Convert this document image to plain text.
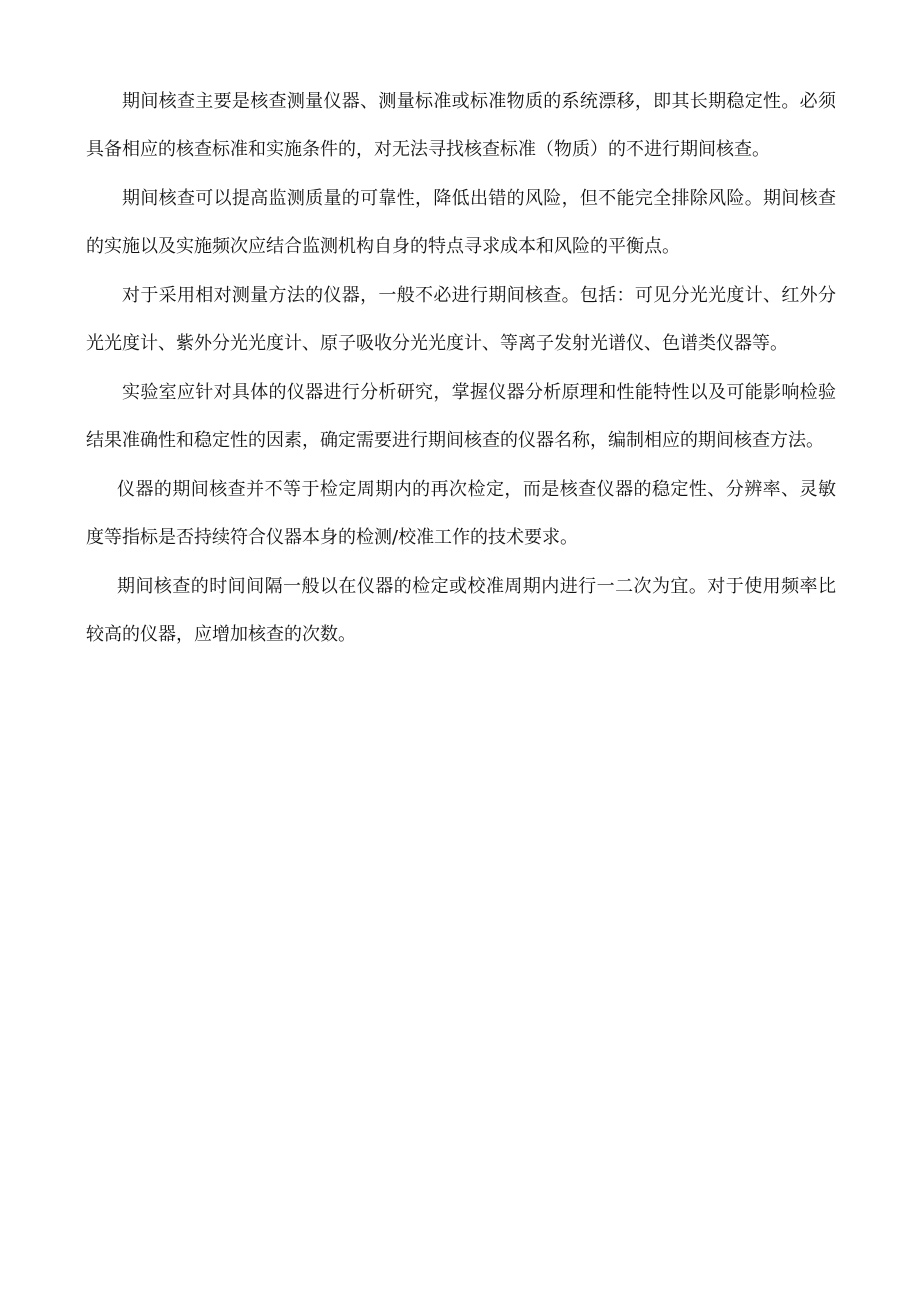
期间核查主要是核查测量仪器、测量标准或标准物质的系统漂移，即其长期稳定性。必须具备相应的核查标准和实施条件的，对无法寻找核查标准（物质）的不进行期间核查。

期间核查可以提高监测质量的可靠性，降低出错的风险，但不能完全排除风险。期间核查的实施以及实施频次应结合监测机构自身的特点寻求成本和风险的平衡点。

对于采用相对测量方法的仪器，一般不必进行期间核查。包括：可见分光光度计、红外分光光度计、紫外分光光度计、原子吸收分光光度计、等离子发射光谱仪、色谱类仪器等。

实验室应针对具体的仪器进行分析研究，掌握仪器分析原理和性能特性以及可能影响检验结果准确性和稳定性的因素，确定需要进行期间核查的仪器名称，编制相应的期间核查方法。

仪器的期间核查并不等于检定周期内的再次检定，而是核查仪器的稳定性、分辨率、灵敏度等指标是否持续符合仪器本身的检测/校准工作的技术要求。

期间核查的时间间隔一般以在仪器的检定或校准周期内进行一二次为宜。对于使用频率比较高的仪器，应增加核查的次数。
